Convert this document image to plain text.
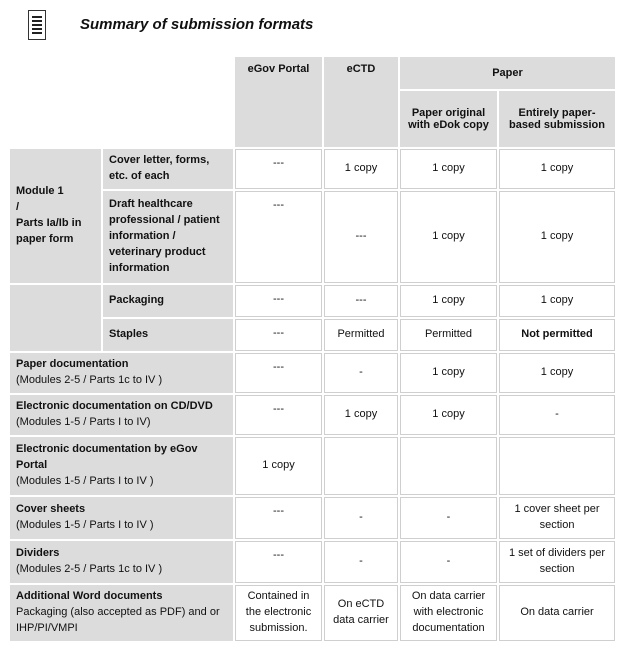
Summary of submission formats
		eGov Portal	eCTD	Paper	
				Paper original with eDok copy	Entirely paper-based submission
Module 1
/
Parts Ia/Ib in paper form	Cover letter, forms, etc. of each	---	1 copy	1 copy	1 copy
	Draft healthcare professional / patient information / veterinary product information	---	---	1 copy	1 copy
	Packaging	---	---	1 copy	1 copy
	Staples	---	Permitted	Permitted	Not permitted
Paper documentation
(Modules 2-5 / Parts 1c to IV )		---	-	1 copy	1 copy
Electronic documentation on CD/DVD
(Modules 1-5 / Parts I to IV)		---	1 copy	1 copy	-
Electronic documentation by eGov Portal
(Modules 1-5 / Parts I to IV )		1 copy			
Cover sheets
(Modules 1-5 / Parts I to IV )		---	-	-	1 cover sheet per section
Dividers
(Modules 2-5 / Parts 1c to IV )		---	-	-	1 set of dividers per section
Additional Word documents
Packaging (also accepted as PDF) and or IHP/PI/VMPI		Contained in the electronic submission.	On eCTD data carrier	On data carrier with electronic documentation	On data carrier
